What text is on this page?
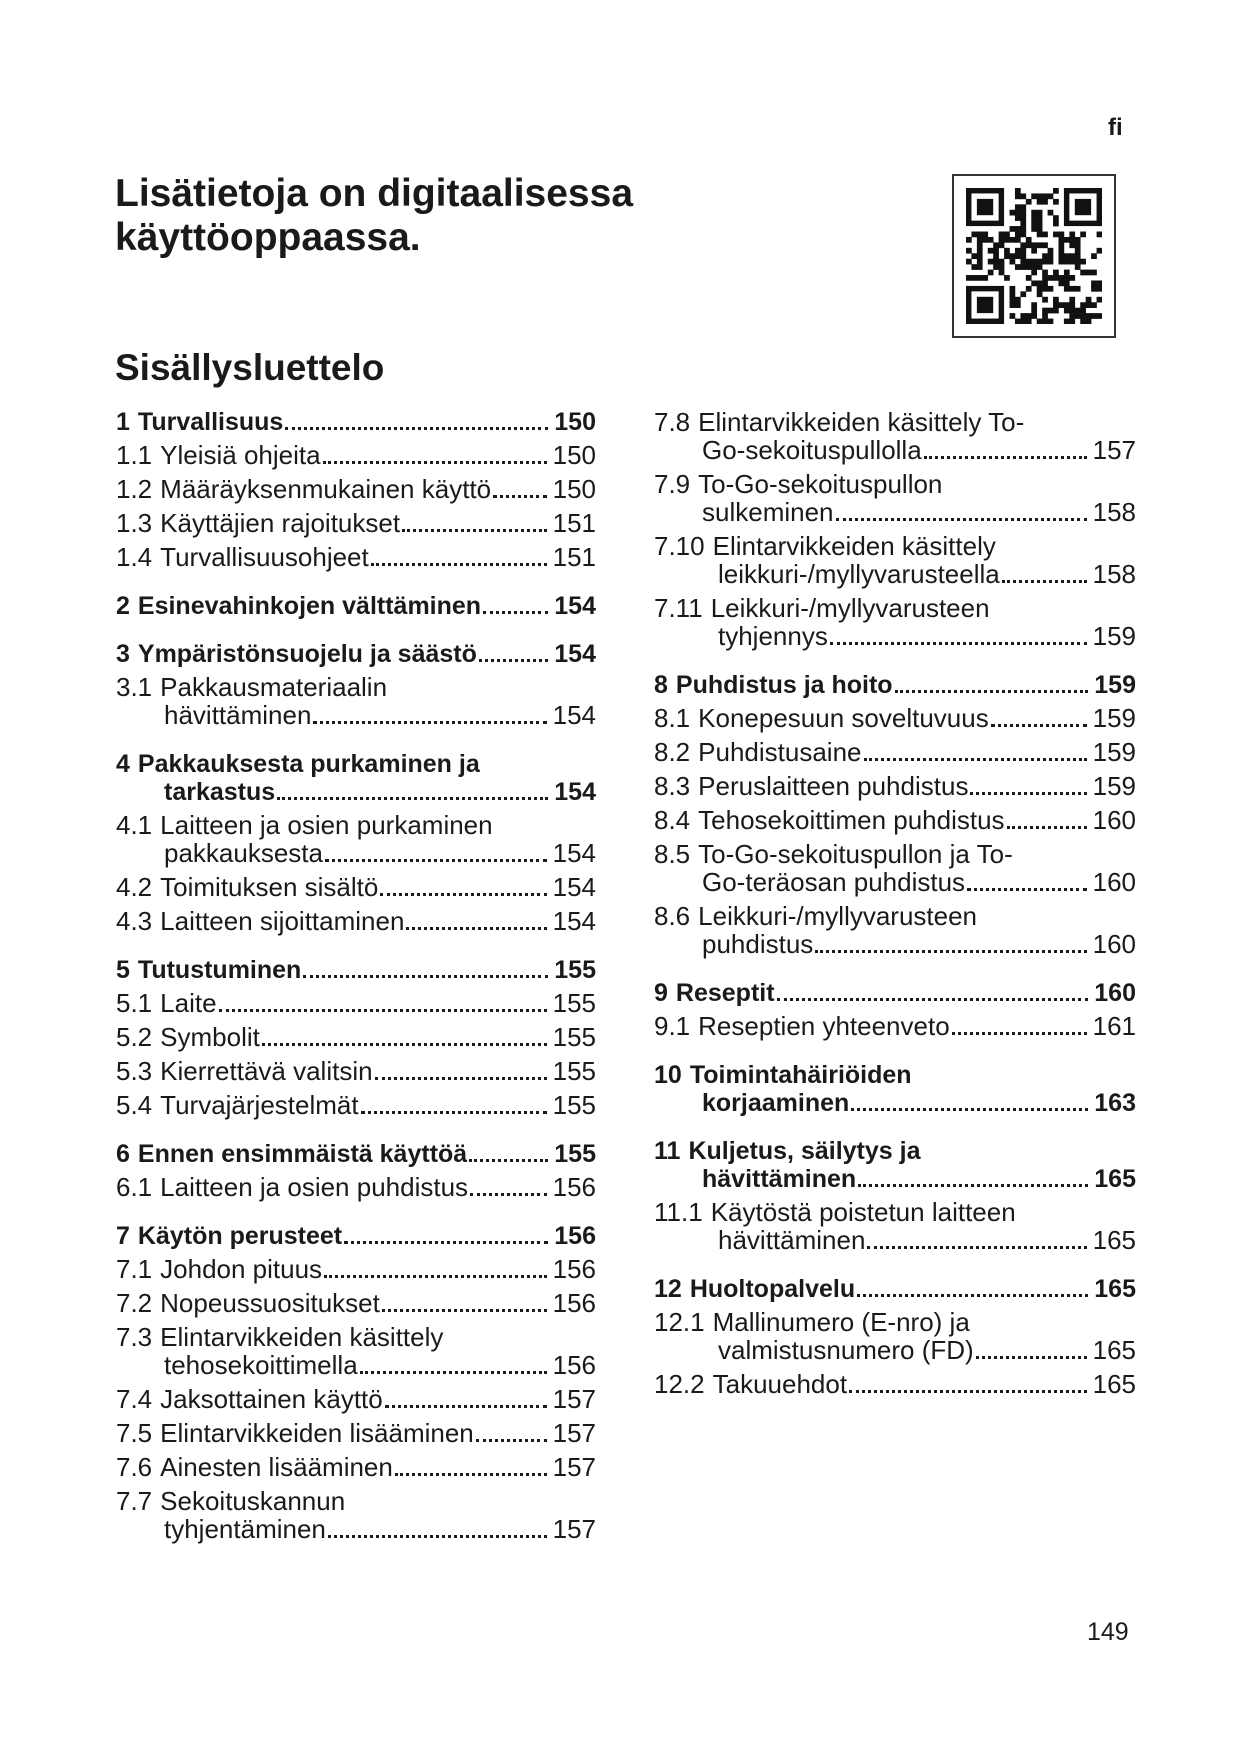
fi
Lisätietoja on digitaalisessa
käyttöoppaassa.
Sisällysluettelo
1 Turvallisuus	150
1.1 Yleisiä ohjeita	150
1.2 Määräyksenmukainen käyttö 150
1.3 Käyttäjien rajoitukset	151
1.4 Turvallisuusohjeet	151
2 Esinevahinkojen välttäminen	154
3 Ympäristönsuojelu ja säästö	154
3.1 Pakkausmateriaalin
hävittäminen	154
4 Pakkauksesta purkaminen ja
tarkastus	154
4.1 Laitteen ja osien purkaminen
pakkauksesta	154
4.2 Toimituksen sisältö	154
4.3 Laitteen sijoittaminen	154
5 Tutustuminen	155
5.1 Laite	155
5.2 Symbolit	155
5.3 Kierrettävä valitsin	155
5.4 Turvajärjestelmät	155
6 Ennen ensimmäistä käyttöä	155
6.1 Laitteen ja osien puhdistus	156
7 Käytön perusteet	156
7.1 Johdon pituus	156
7.2 Nopeussuositukset	156
7.3 Elintarvikkeiden käsittely
tehosekoittimella	156
7.4 Jaksottainen käyttö	157
7.5 Elintarvikkeiden lisääminen	157
7.6 Ainesten lisääminen	157
7.7 Sekoituskannun
tyhjentäminen	157
7.8 Elintarvikkeiden käsittely To-
Go-sekoituspullolla	157
7.9 To-Go-sekoituspullon
sulkeminen	158
7.10 Elintarvikkeiden käsittely
leikkuri-/myllyvarusteella	158
7.11 Leikkuri-/myllyvarusteen
tyhjennys	159
8 Puhdistus ja hoito	159
8.1 Konepesuun soveltuvuus	159
8.2 Puhdistusaine	159
8.3 Peruslaitteen puhdistus	159
8.4 Tehosekoittimen puhdistus	160
8.5 To-Go-sekoituspullon ja To-
Go-teräosan puhdistus	160
8.6 Leikkuri-/myllyvarusteen
puhdistus	160
9 Reseptit	160
9.1 Reseptien yhteenveto	161
10 Toimintahäiriöiden
korjaaminen	163
11 Kuljetus, säilytys ja
hävittäminen	165
11.1 Käytöstä poistetun laitteen
hävittäminen	165
12 Huoltopalvelu	165
12.1 Mallinumero (E-nro) ja
valmistusnumero (FD)	165
12.2 Takuuehdot	165
149
